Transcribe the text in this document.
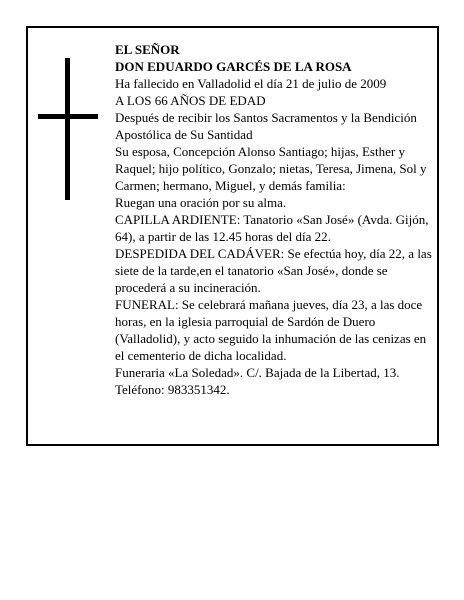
EL SEÑOR

DON EDUARDO GARCÉS DE LA ROSA

Ha fallecido en Valladolid el día 21 de julio de 2009

A LOS 66 AÑOS DE EDAD

Después de recibir los Santos Sacramentos y la Bendición Apostólica de Su Santidad

Su esposa, Concepción Alonso Santiago; hijas, Esther y Raquel; hijo político, Gonzalo; nietas, Teresa, Jimena, Sol y Carmen; hermano, Miguel, y demás familia:

Ruegan una oración por su alma.

CAPILLA ARDIENTE: Tanatorio «San José» (Avda. Gijón, 64), a partir de las 12.45 horas del día 22.

DESPEDIDA DEL CADÁVER: Se efectúa hoy, día 22, a las siete de la tarde,en el tanatorio «San José», donde se procederá a su incineración.

FUNERAL: Se celebrará mañana jueves, día 23, a las doce horas, en la iglesia parroquial de Sardón de Duero (Valladolid), y acto seguido la inhumación de las cenizas en el cementerio de dicha localidad.

Funeraria «La Soledad». C/. Bajada de la Libertad, 13. Teléfono: 983351342.
